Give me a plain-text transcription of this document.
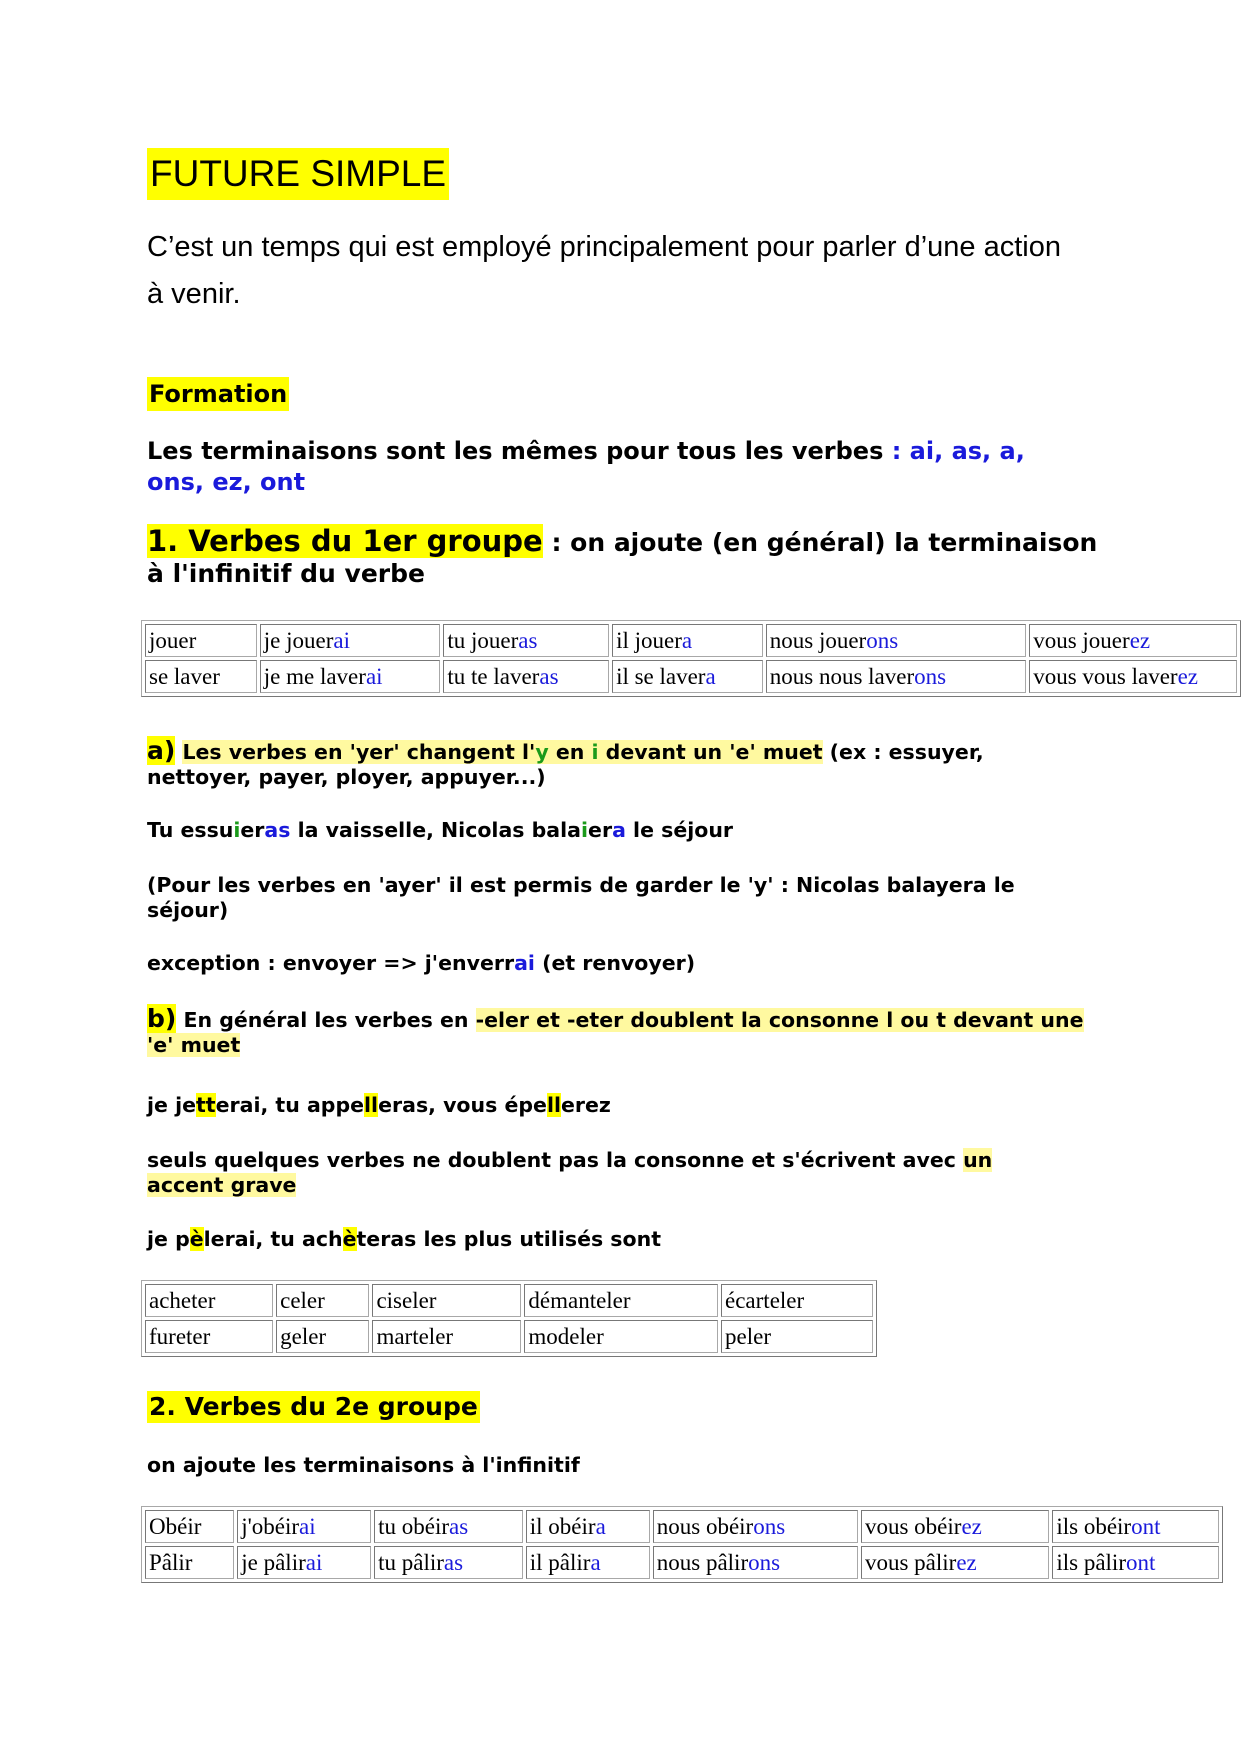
FUTURE SIMPLE
C’est un temps qui est employé principalement pour parler d’une action à venir.
Formation
Les terminaisons sont les mêmes pour tous les verbes : ai, as, a, ons, ez, ont
1. Verbes du 1er groupe : on ajoute (en général) la terminaison à l'infinitif du verbe
jouer	je jouerai	tu joueras	il jouera	nous jouerons	vous jouerez
se laver	je me laverai	tu te laveras	il se lavera	nous nous laverons	vous vous laverez
a) Les verbes en 'yer' changent l'y en i devant un 'e' muet (ex : essuyer, nettoyer, payer, ployer, appuyer...)
Tu essuieras la vaisselle, Nicolas balaiera le séjour
(Pour les verbes en 'ayer' il est permis de garder le 'y' : Nicolas balayera le séjour)
exception : envoyer => j'enverrai (et renvoyer)
b) En général les verbes en -eler et -eter doublent la consonne l ou t devant une 'e' muet
je jetterai, tu appelleras, vous épellerez
seuls quelques verbes ne doublent pas la consonne et s'écrivent avec un accent grave
je pèlerai, tu achèteras les plus utilisés sont
acheter	celer	ciseler	démanteler	écarteler
fureter	geler	marteler	modeler	peler
2. Verbes du 2e groupe
on ajoute les terminaisons à l'infinitif
Obéir	j'obéirai	tu obéiras	il obéira	nous obéirons	vous obéirez	ils obéiront
Pâlir	je pâlirai	tu pâliras	il pâlira	nous pâlirons	vous pâlirez	ils pâliront
